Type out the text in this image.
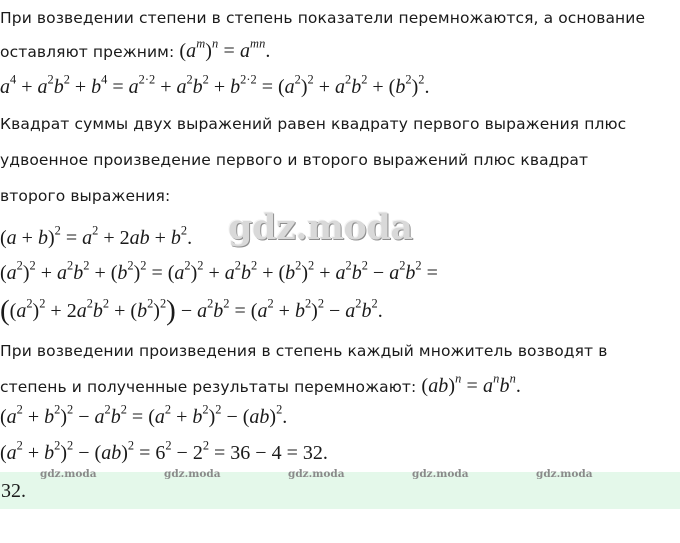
При возведении степени в степень показатели перемножаются, а основание
оставляют прежним: $(a^m)^n = a^{mn}$.
$a^4 + a^2b^2 + b^4 = a^{2\cdot 2} + a^2b^2 + b^{2\cdot 2} = (a^2)^2 + a^2b^2 + (b^2)^2$.
Квадрат суммы двух выражений равен квадрату первого выражения плюс
удвоенное произведение первого и второго выражений плюс квадрат
второго выражения:
$(a + b)^2 = a^2 + 2ab + b^2$.
$(a^2)^2 + a^2b^2 + (b^2)^2 = (a^2)^2 + a^2b^2 + (b^2)^2 + a^2b^2 - a^2b^2$ =
$((a^2)^2 + 2a^2b^2 + (b^2)^2) - a^2b^2 = (a^2 + b^2)^2 - a^2b^2$.
При возведении произведения в степень каждый множитель возводят в
степень и полученные результаты перемножают: $(ab)^n = a^nb^n$.
$(a^2 + b^2)^2 - a^2b^2 = (a^2 + b^2)^2 - (ab)^2$.
$(a^2 + b^2)^2 - (ab)^2 = 6^2 - 2^2 = 36 - 4 = 32$.
32.
gdz.moda
gdz.moda	gdz.moda	gdz.moda	gdz.moda	gdz.moda
